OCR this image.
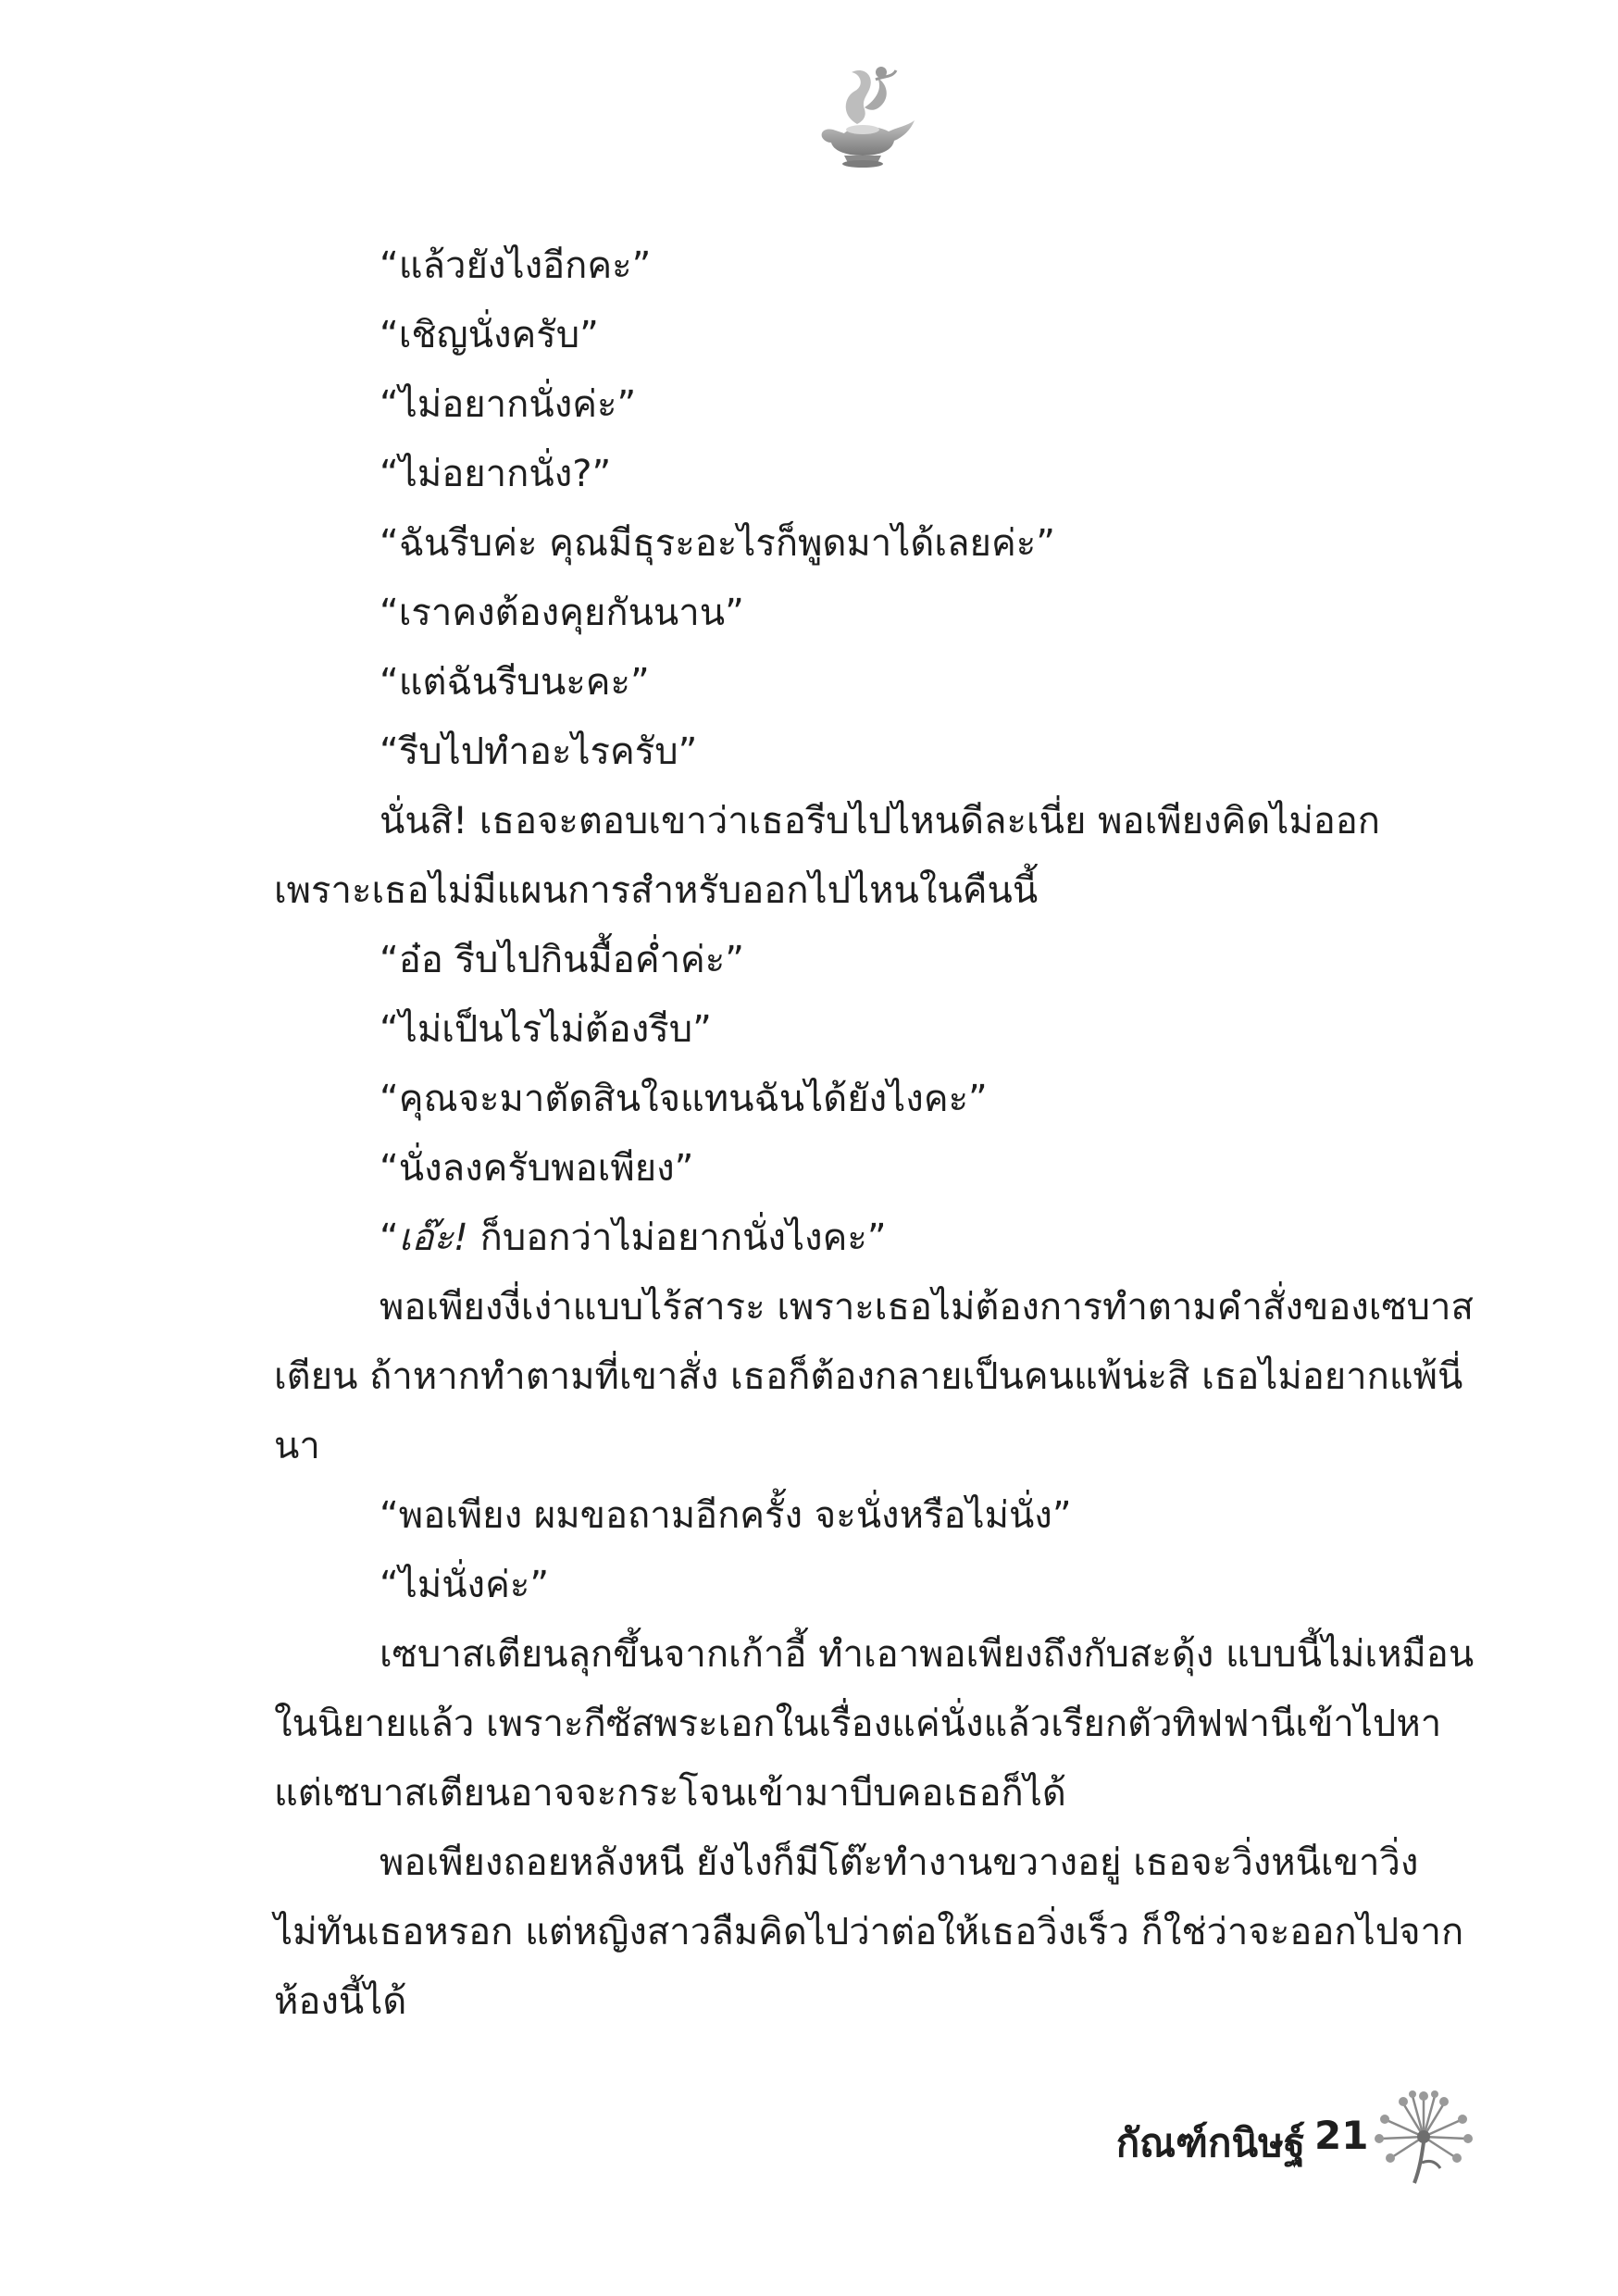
“แล้วยังไงอีกคะ”

“เชิญนั่งครับ”

“ไม่อยากนั่งค่ะ”

“ไม่อยากนั่ง?”

“ฉันรีบค่ะ คุณมีธุระอะไรก็พูดมาได้เลยค่ะ”

“เราคงต้องคุยกันนาน”

“แต่ฉันรีบนะคะ”

“รีบไปทำอะไรครับ”

นั่นสิ! เธอจะตอบเขาว่าเธอรีบไปไหนดีละเนี่ย พอเพียงคิดไม่ออก เพราะเธอไม่มีแผนการสำหรับออกไปไหนในคืนนี้

“อ๋อ รีบไปกินมื้อค่ำค่ะ”

“ไม่เป็นไรไม่ต้องรีบ”

“คุณจะมาตัดสินใจแทนฉันได้ยังไงคะ”

“นั่งลงครับพอเพียง”

“เอ๊ะ! ก็บอกว่าไม่อยากนั่งไงคะ”

พอเพียงงี่เง่าแบบไร้สาระ เพราะเธอไม่ต้องการทำตามคำสั่งของเซบาสเตียน ถ้าหากทำตามที่เขาสั่ง เธอก็ต้องกลายเป็นคนแพ้น่ะสิ เธอไม่อยากแพ้นี่นา

“พอเพียง ผมขอถามอีกครั้ง จะนั่งหรือไม่นั่ง”

“ไม่นั่งค่ะ”

เซบาสเตียนลุกขึ้นจากเก้าอี้ ทำเอาพอเพียงถึงกับสะดุ้ง แบบนี้ไม่เหมือนในนิยายแล้ว เพราะกีซัสพระเอกในเรื่องแค่นั่งแล้วเรียกตัวทิฟฟานีเข้าไปหา แต่เซบาสเตียนอาจจะกระโจนเข้ามาบีบคอเธอก็ได้

พอเพียงถอยหลังหนี ยังไงก็มีโต๊ะทำงานขวางอยู่ เธอจะวิ่งหนีเขาวิ่งไม่ทันเธอหรอก แต่หญิงสาวลืมคิดไปว่าต่อให้เธอวิ่งเร็ว ก็ใช่ว่าจะออกไปจากห้องนี้ได้

กัณฑ์กนิษฐ์ 21
